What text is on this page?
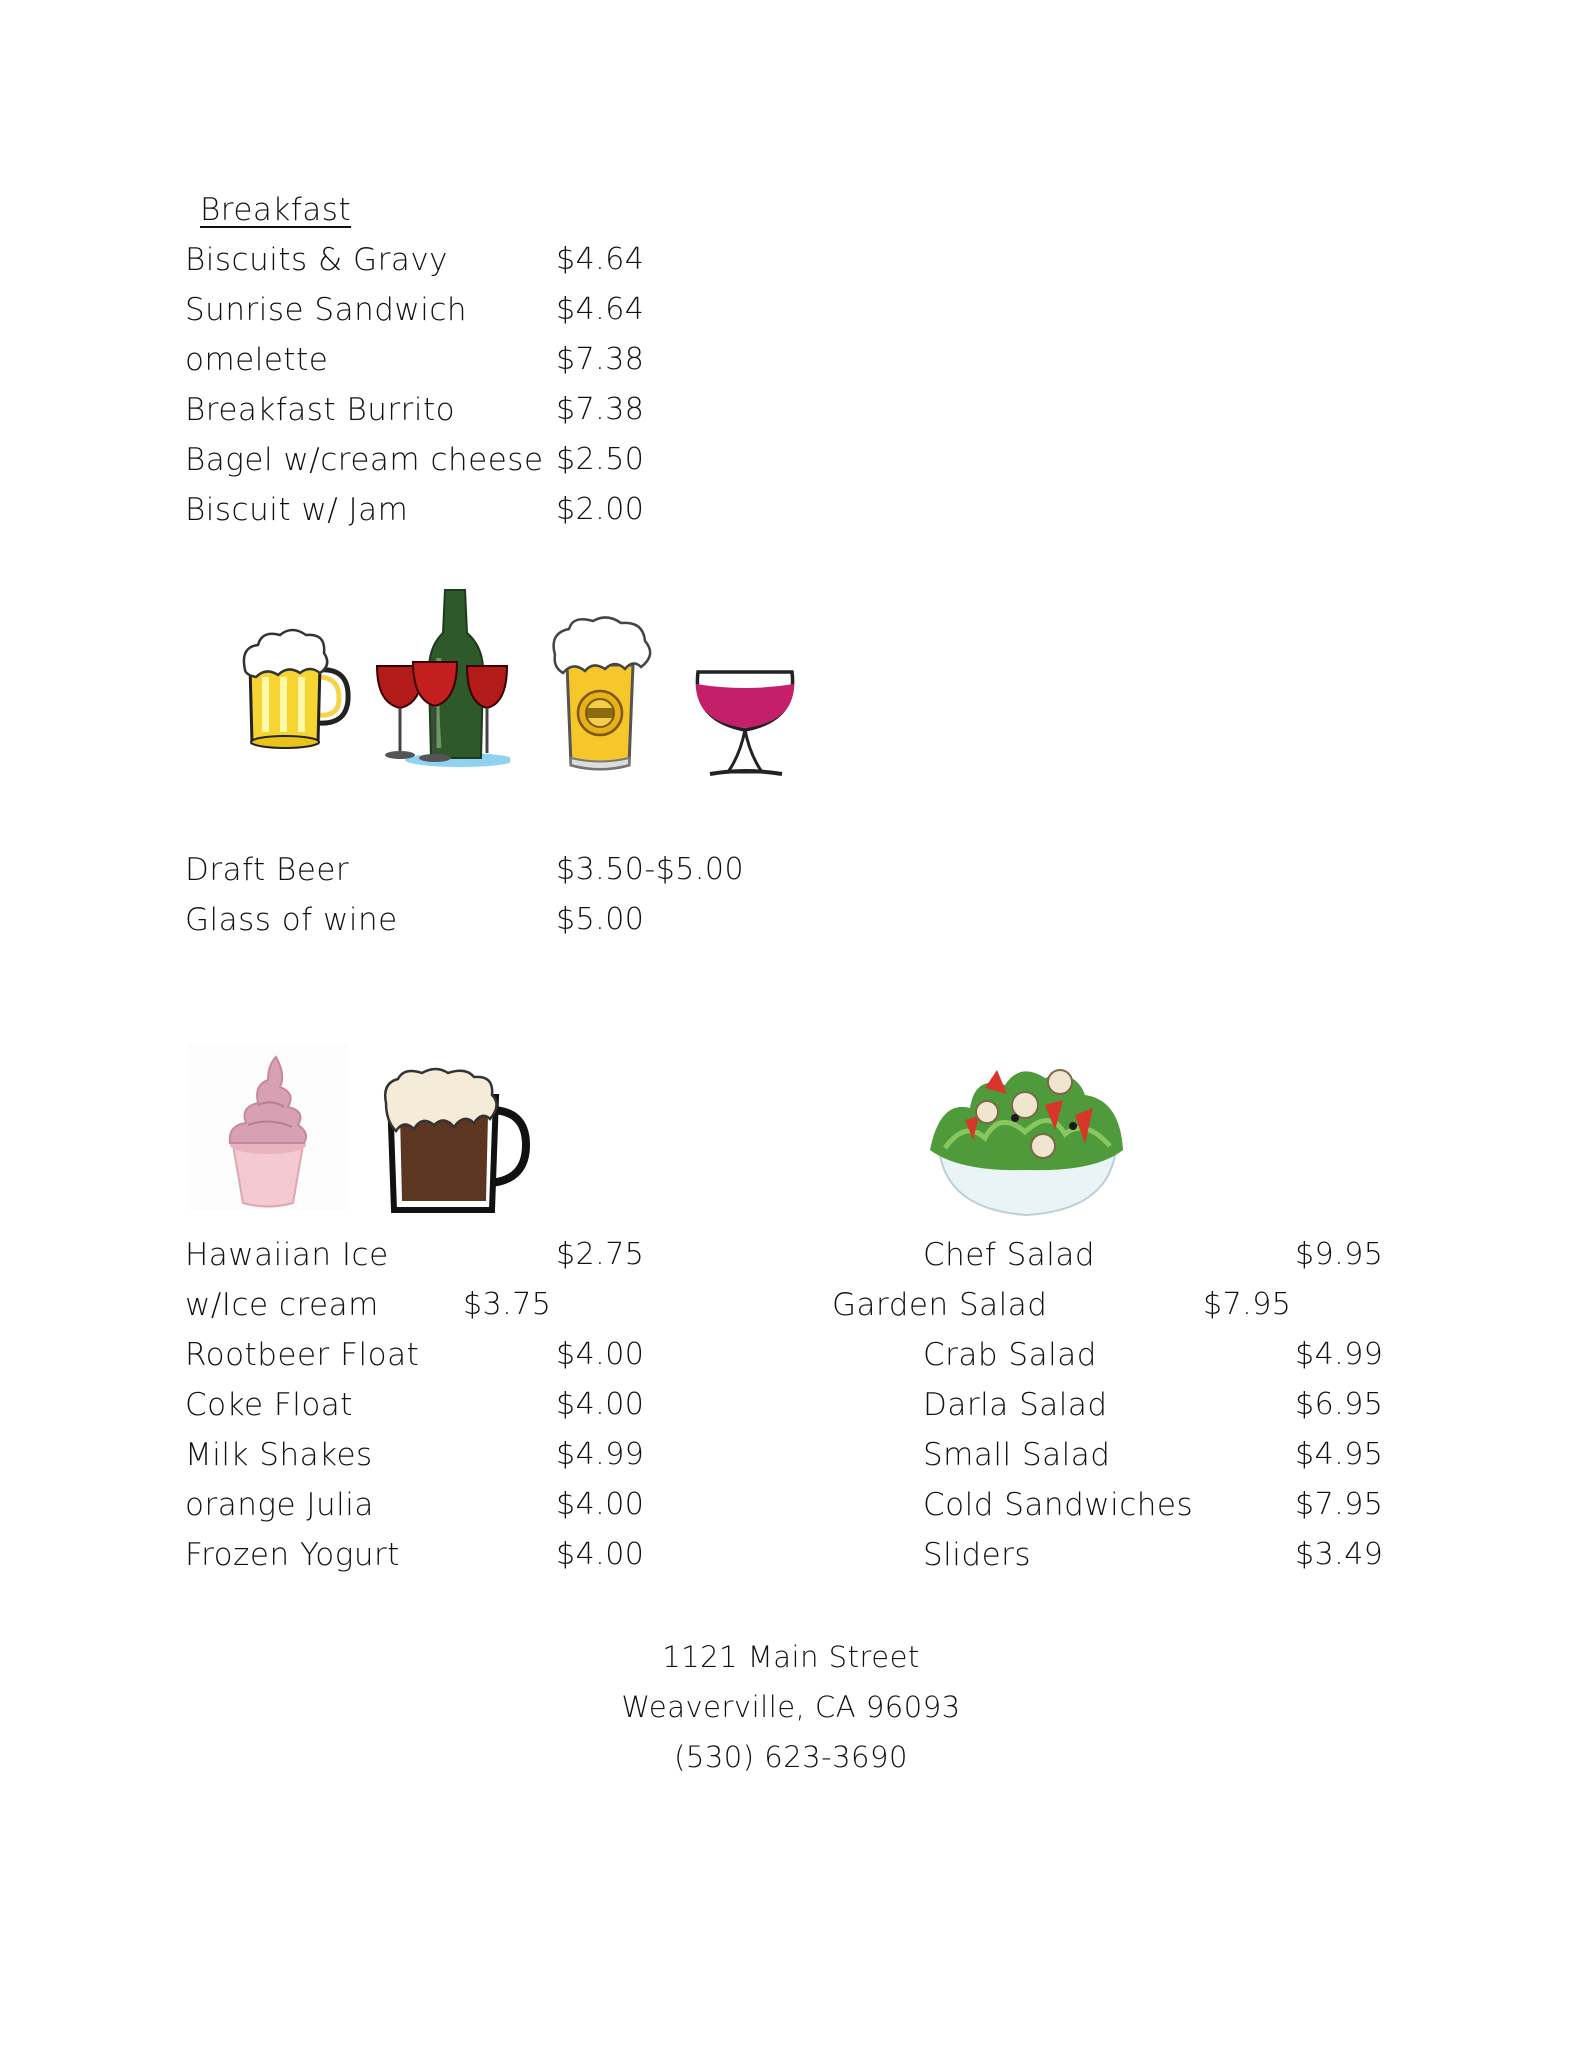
Breakfast
Biscuits & Gravy	$4.64
Sunrise Sandwich	$4.64
omelette	$7.38
Breakfast Burrito	$7.38
Bagel w/cream cheese $2.50
Biscuit w/ Jam	$2.00
Draft Beer	$3.50-$5.00
Glass of wine	$5.00
Hawaiian Ice	$2.75
w/Ice cream	$3.75
Rootbeer Float	$4.00
Coke Float	$4.00
Milk Shakes	$4.99
orange Julia	$4.00
Frozen Yogurt	$4.00
Chef Salad	$9.95
Garden Salad	$7.95
Crab Salad	$4.99
Darla Salad	$6.95
Small Salad	$4.95
Cold Sandwiches	$7.95
Sliders	$3.49
1121 Main Street
Weaverville, CA 96093
(530) 623-3690
